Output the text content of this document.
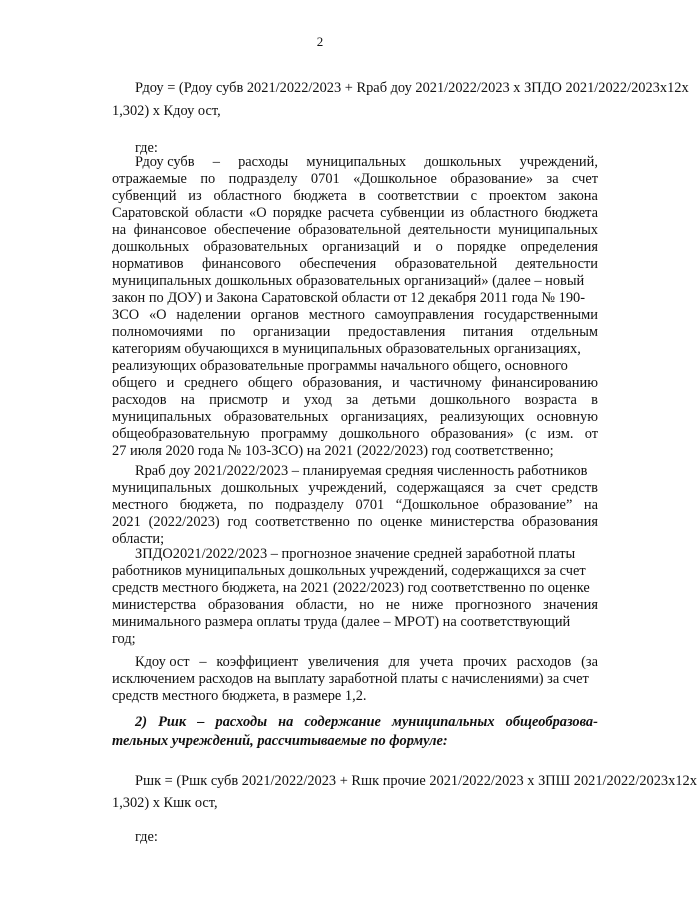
2
Рдоу = (Рдоу субв 2021/2022/2023 + Rраб доу 2021/2022/2023 x ЗПДО 2021/2022/2023 x 12 x
1,302) x Кдоу ост,
где:
Рдоу субв – расходы муниципальных дошкольных учреждений,
отражаемые по подразделу 0701 «Дошкольное образование» за счет
субвенций из областного бюджета в соответствии с проектом закона
Саратовской области «О порядке расчета субвенции из областного бюджета
на финансовое обеспечение образовательной деятельности муниципальных
дошкольных образовательных организаций и о порядке определения
нормативов финансового обеспечения образовательной деятельности
муниципальных дошкольных образовательных организаций» (далее – новый
закон по ДОУ) и Закона Саратовской области от 12 декабря 2011 года № 190-
ЗСО «О наделении органов местного самоуправления государственными
полномочиями по организации предоставления питания отдельным
категориям обучающихся в муниципальных образовательных организациях,
реализующих образовательные программы начального общего, основного
общего и среднего общего образования, и частичному финансированию
расходов на присмотр и уход за детьми дошкольного возраста в
муниципальных образовательных организациях, реализующих основную
общеобразовательную программу дошкольного образования» (с изм. от
27 июля 2020 года № 103-ЗСО) на 2021 (2022/2023) год соответственно;
Rраб доу 2021/2022/2023 – планируемая средняя численность работников
муниципальных дошкольных учреждений, содержащаяся за счет средств
местного бюджета, по подразделу 0701 “Дошкольное образование” на
2021 (2022/2023) год соответственно по оценке министерства образования
области;
ЗПДО2021/2022/2023 – прогнозное значение средней заработной платы
работников муниципальных дошкольных учреждений, содержащихся за счет
средств местного бюджета, на 2021 (2022/2023) год соответственно по оценке
министерства образования области, но не ниже прогнозного значения
минимального размера оплаты труда (далее – МРОТ) на соответствующий
год;
Кдоу ост – коэффициент увеличения для учета прочих расходов (за
исключением расходов на выплату заработной платы с начислениями) за счет
средств местного бюджета, в размере 1,2.
2) Ршк – расходы на содержание муниципальных общеобразова-
тельных учреждений, рассчитываемые по формуле:
Ршк = (Ршк субв 2021/2022/2023 + Rшк прочие 2021/2022/2023 x ЗПШ 2021/2022/2023 x 12 x
1,302) x Кшк ост,
где:
